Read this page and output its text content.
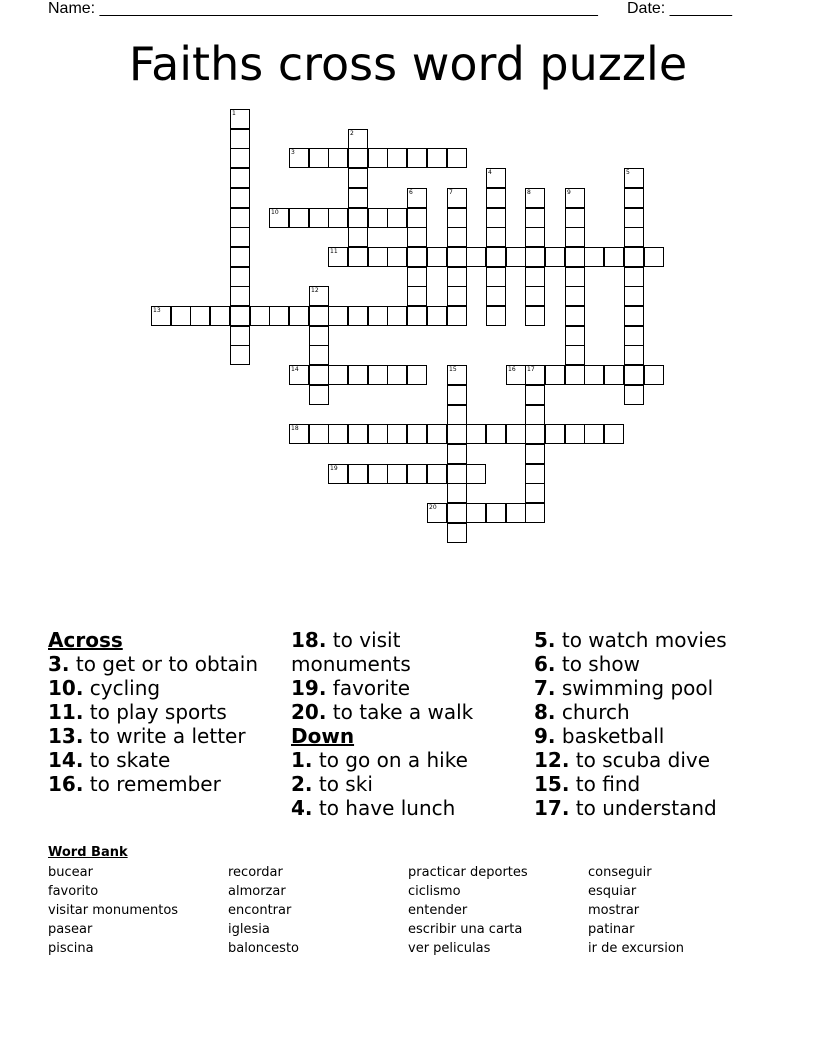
Name: ________________________________________________________ Date: _______
Faiths cross word puzzle
1
2
3
4	5
6	7	8	9
10
11
12
13
14	15	16 17
18
19
20

Across

3. to get or to obtain

10. cycling

11. to play sports

13. to write a letter

14. to skate

16. to remember

18. to visit monuments

19. favorite

20. to take a walk

Down

1. to go on a hike

2. to ski

4. to have lunch

5. to watch movies

6. to show

7. swimming pool

8. church

9. basketball

12. to scuba dive

15. to find

17. to understand

Word Bank
bucear
favorito
visitar monumentos
pasear
piscina
recordar
almorzar
encontrar
iglesia
baloncesto
practicar deportes
ciclismo
entender
escribir una carta
ver peliculas
conseguir
esquiar
mostrar
patinar
ir de excursion
